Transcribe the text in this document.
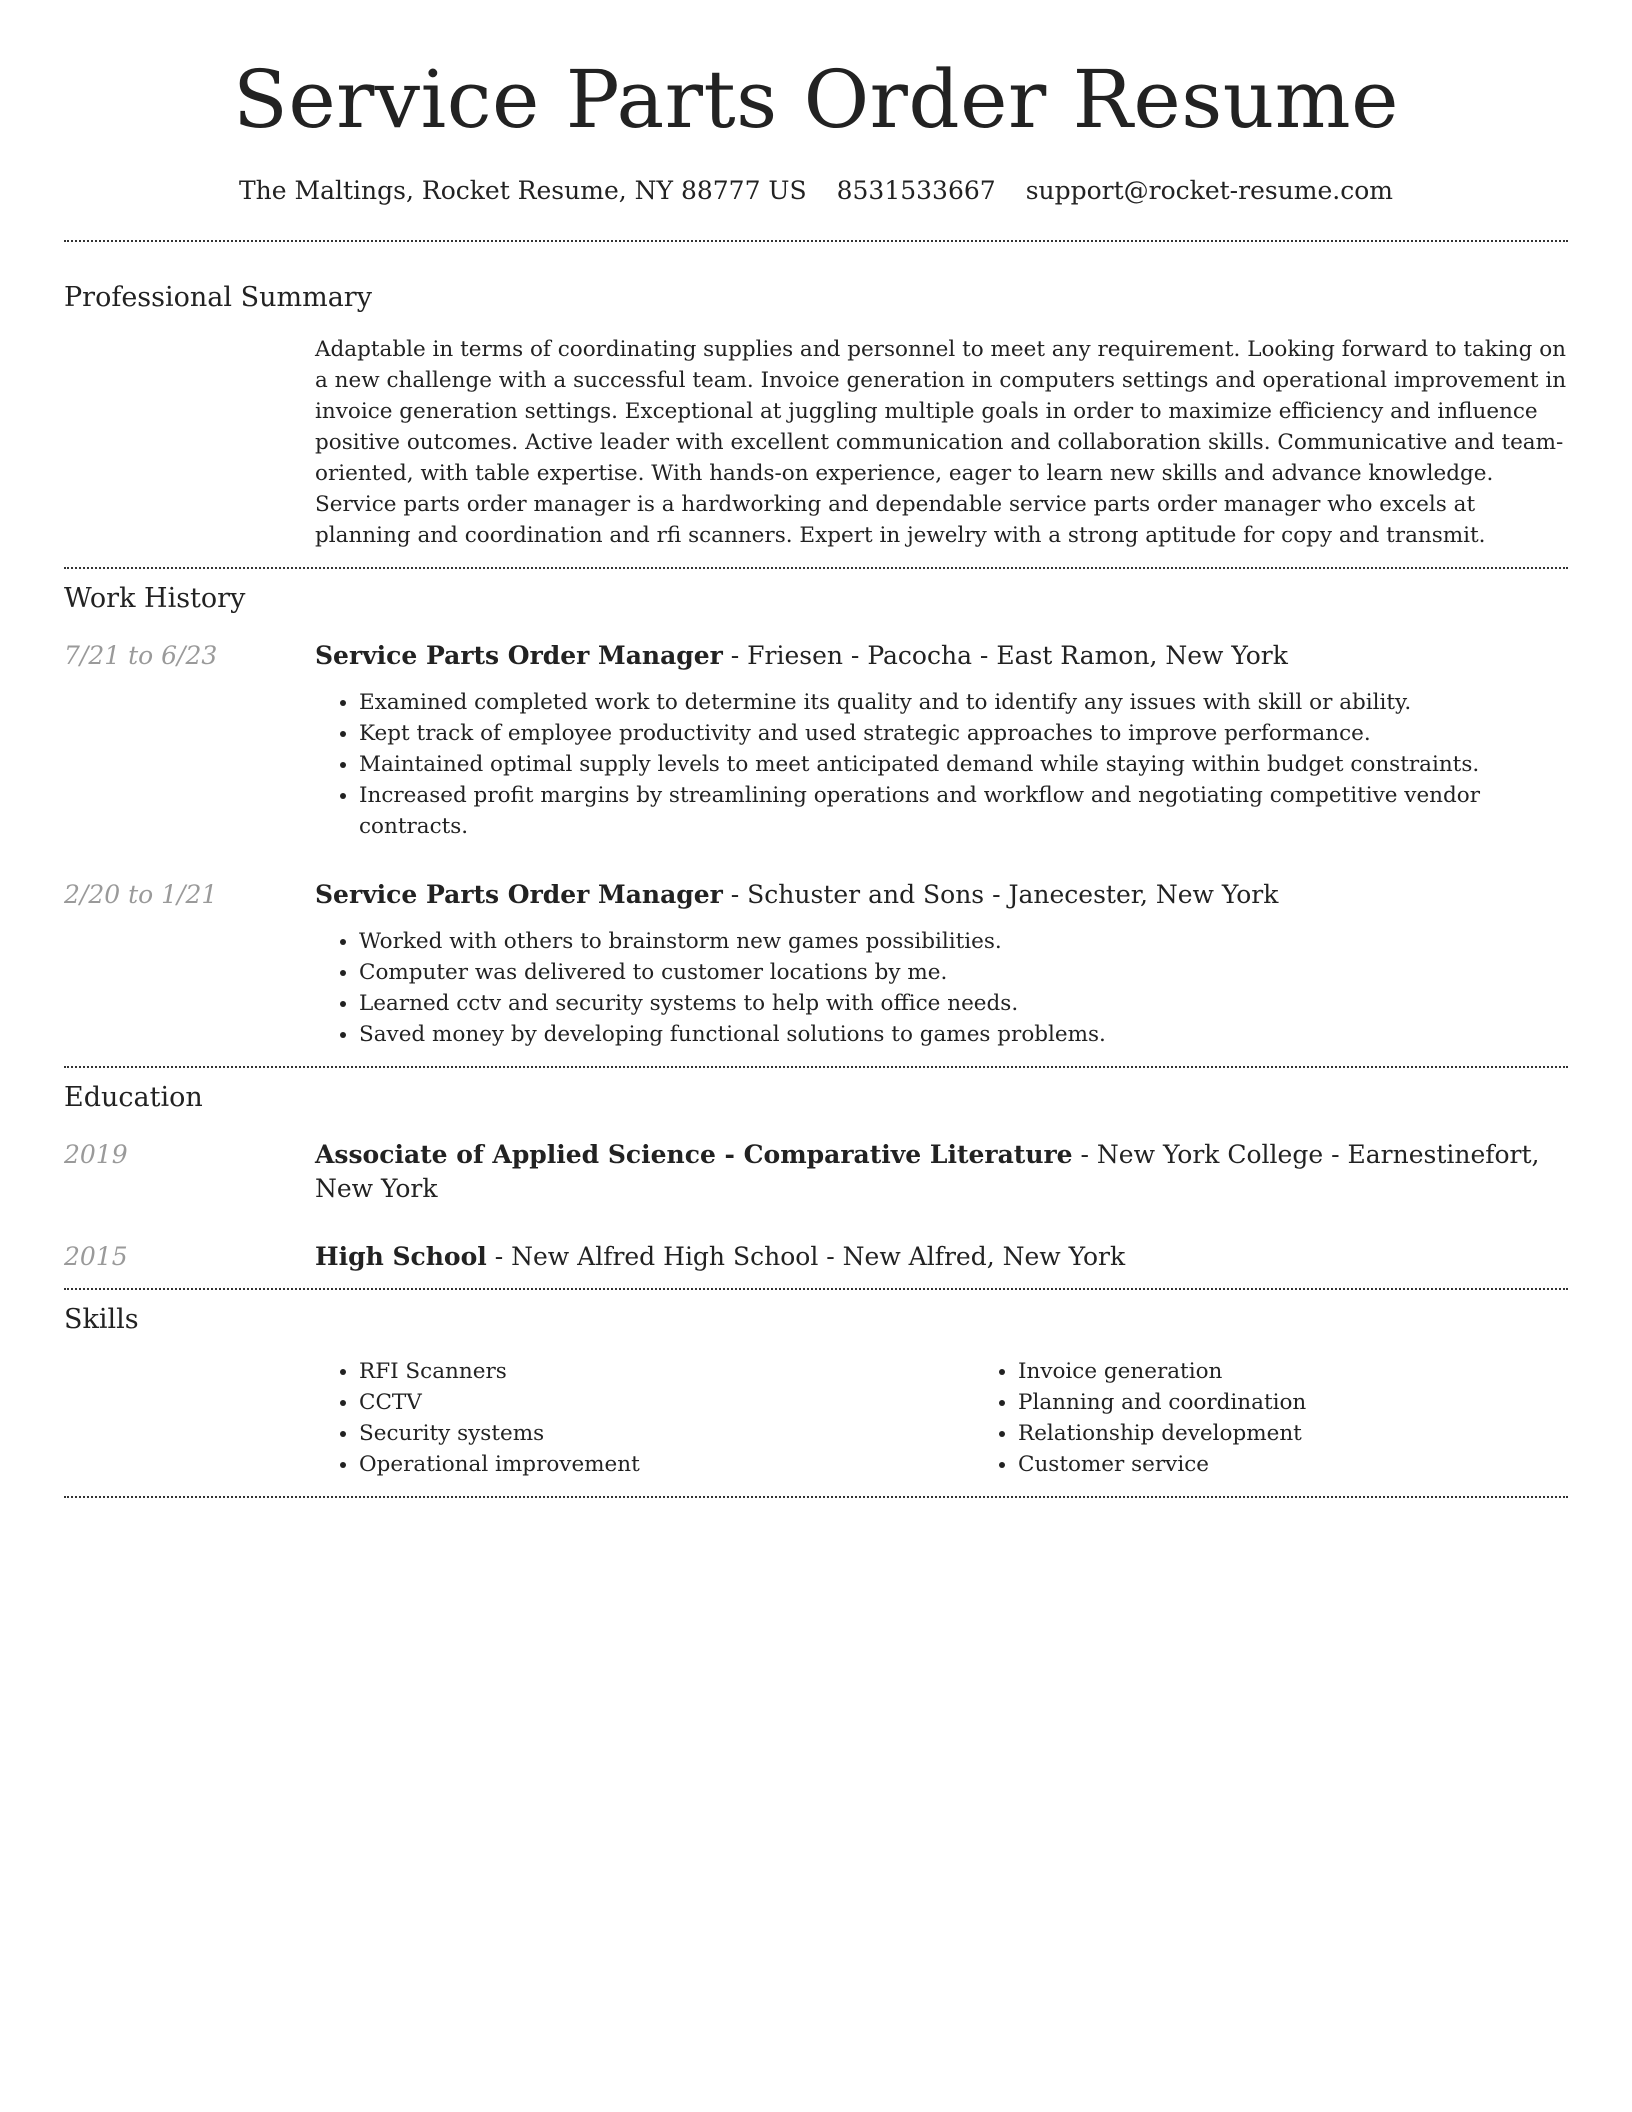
Service Parts Order Resume
The Maltings, Rocket Resume, NY 88777 US 8531533667 support@rocket-resume.com
Professional Summary

Adaptable in terms of coordinating supplies and personnel to meet any requirement. Looking forward to taking on a new challenge with a successful team. Invoice generation in computers settings and operational improvement in invoice generation settings. Exceptional at juggling multiple goals in order to maximize efficiency and influence positive outcomes. Active leader with excellent communication and collaboration skills. Communicative and team-oriented, with table expertise. With hands-on experience, eager to learn new skills and advance knowledge. Service parts order manager is a hardworking and dependable service parts order manager who excels at planning and coordination and rfi scanners. Expert in jewelry with a strong aptitude for copy and transmit.

Work History
7/21 to 6/23	Service Parts Order Manager - Friesen - Pacocha - East Ramon, New York
• Examined completed work to determine its quality and to identify any issues with skill or ability.
• Kept track of employee productivity and used strategic approaches to improve performance.
• Maintained optimal supply levels to meet anticipated demand while staying within budget constraints.
• Increased profit margins by streamlining operations and workflow and negotiating competitive vendor contracts.
2/20 to 1/21	Service Parts Order Manager - Schuster and Sons - Janecester, New York
• Worked with others to brainstorm new games possibilities.
• Computer was delivered to customer locations by me.
• Learned cctv and security systems to help with office needs.
• Saved money by developing functional solutions to games problems.
Education
2019	Associate of Applied Science - Comparative Literature - New York College - Earnestinefort, New York
2015	High School - New Alfred High School - New Alfred, New York
Skills
• RFI Scanners
• CCTV
• Security systems
• Operational improvement
• Invoice generation
• Planning and coordination
• Relationship development
• Customer service
